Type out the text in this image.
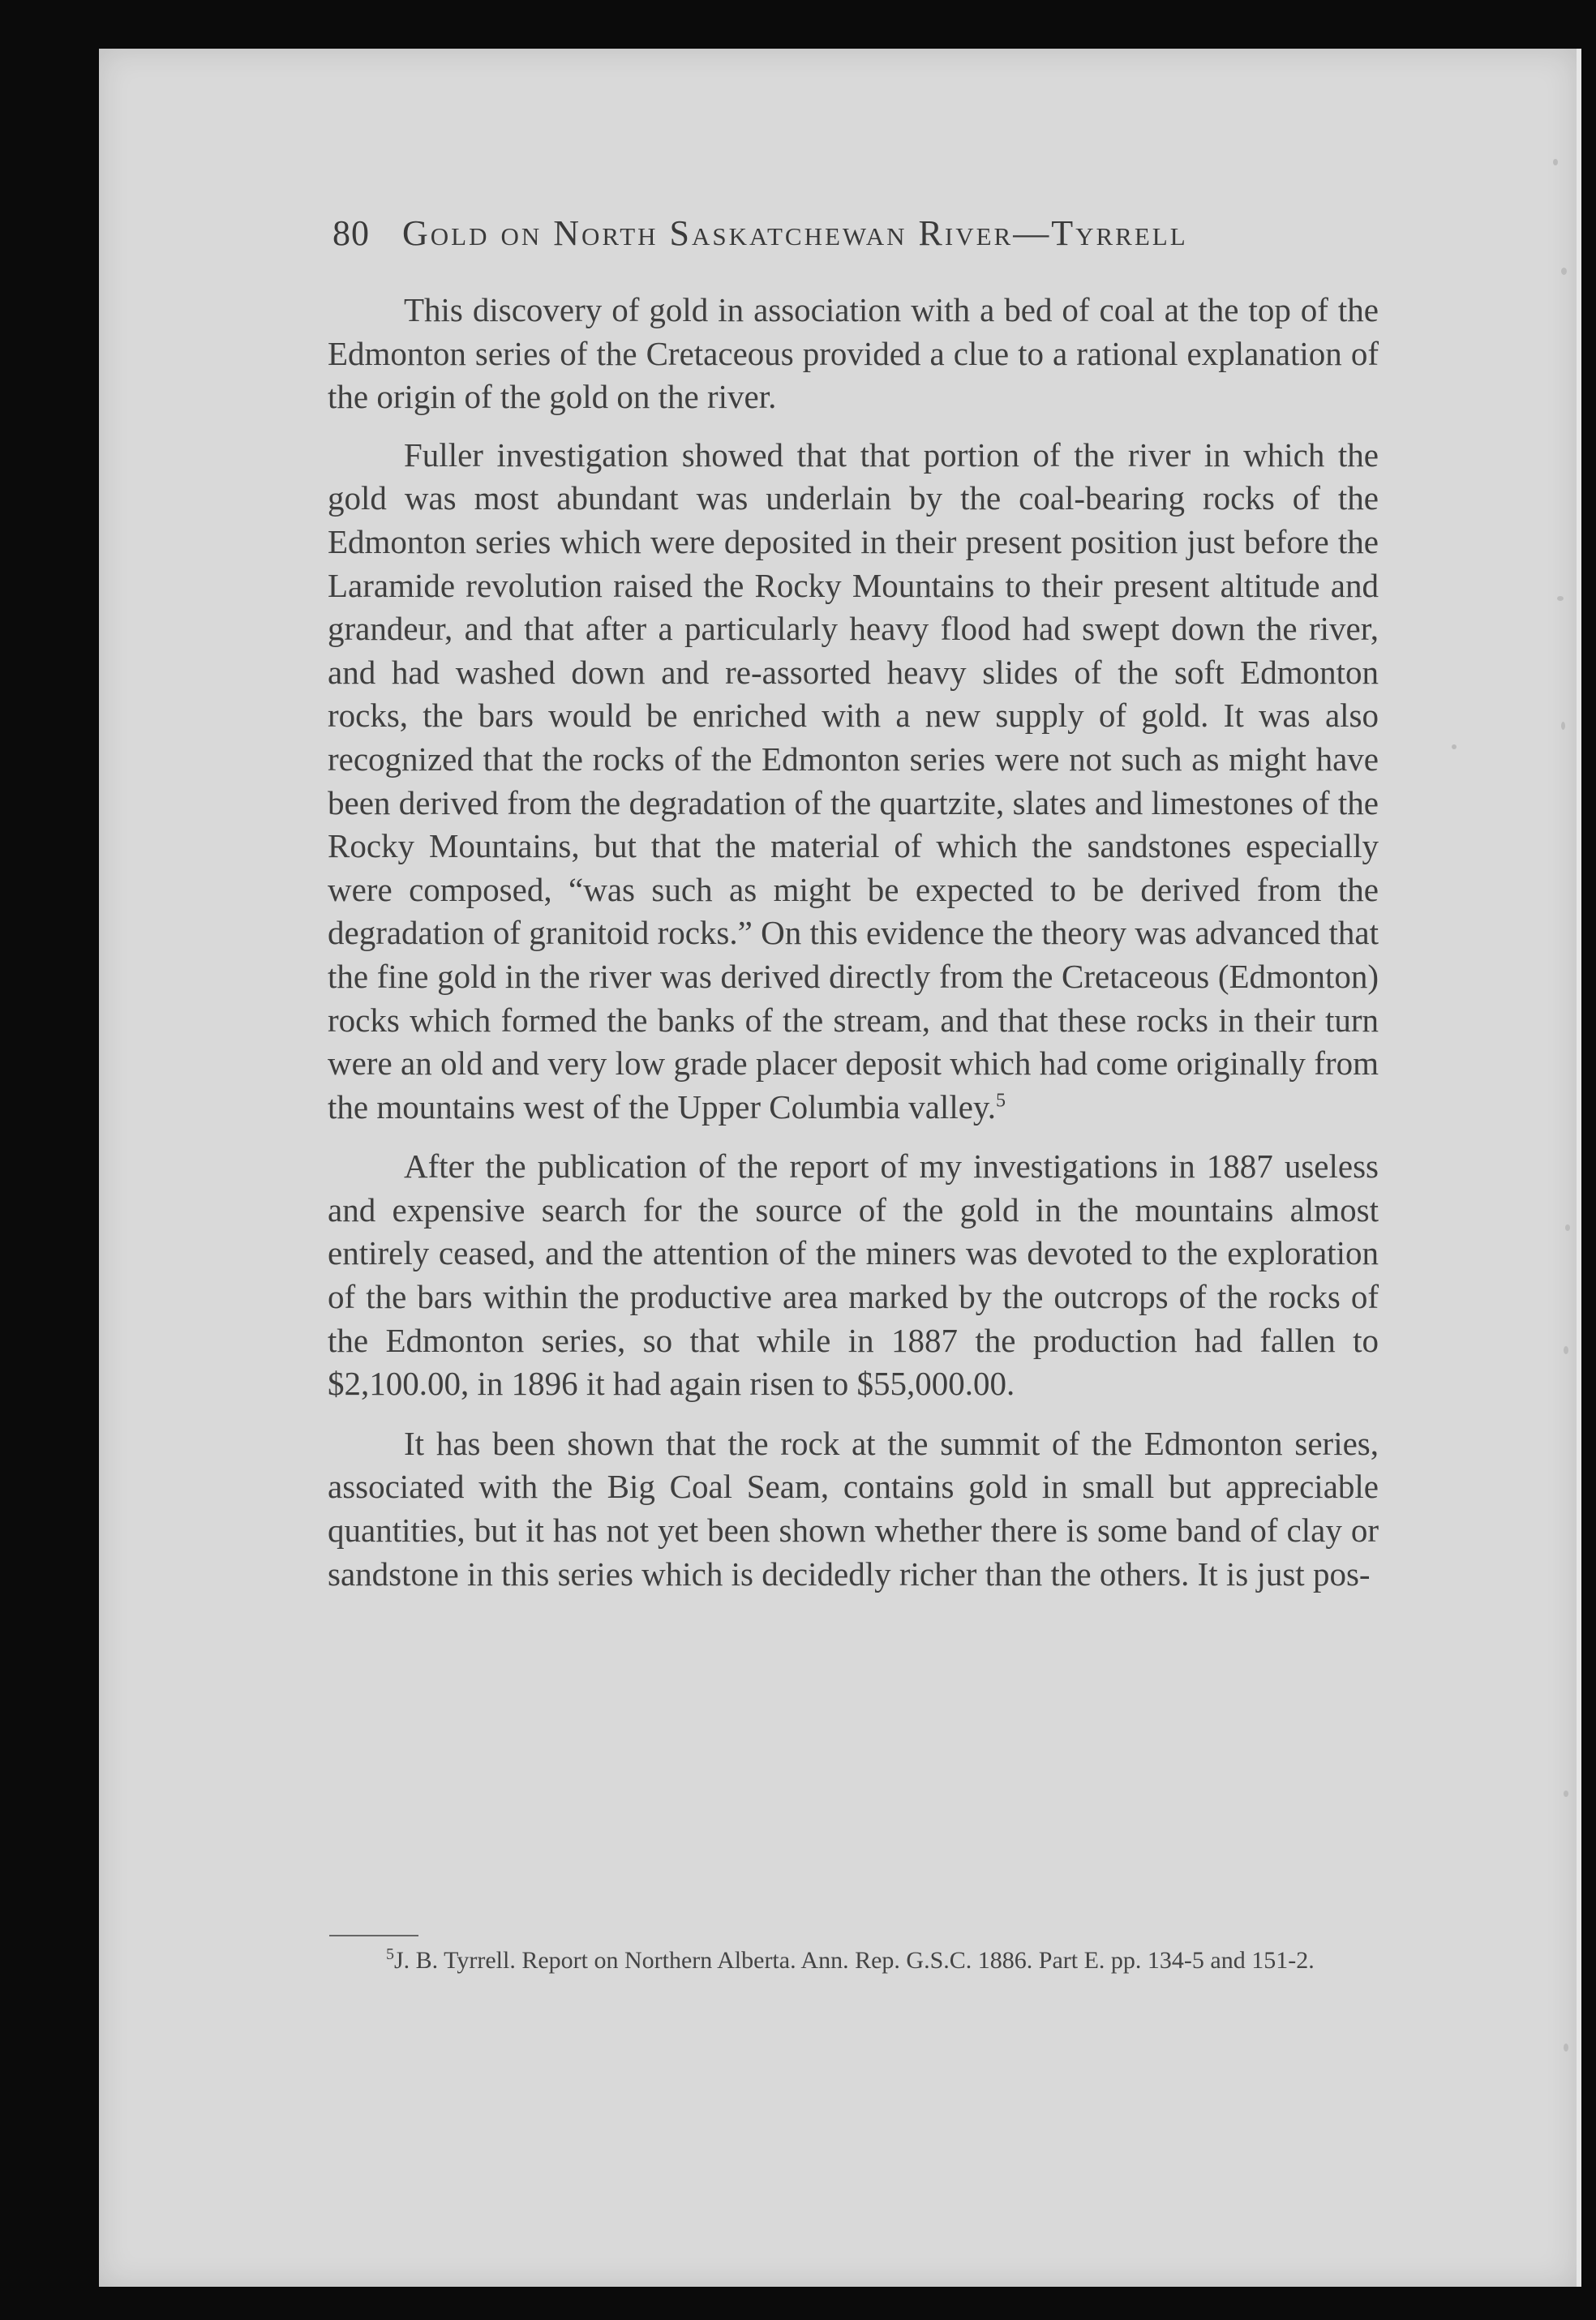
80 Gold on North Saskatchewan River—Tyrrell

This discovery of gold in association with a bed of coal at the top of the Edmonton series of the Cretaceous provided a clue to a rational explanation of the origin of the gold on the river.

Fuller investigation showed that that portion of the river in which the gold was most abundant was underlain by the coal-bearing rocks of the Edmonton series which were deposited in their present position just before the Laramide revolution raised the Rocky Mountains to their present altitude and grandeur, and that after a particularly heavy flood had swept down the river, and had washed down and re-assorted heavy slides of the soft Edmonton rocks, the bars would be enriched with a new supply of gold. It was also recognized that the rocks of the Edmonton series were not such as might have been derived from the degradation of the quartzite, slates and limestones of the Rocky Mountains, but that the material of which the sandstones especially were composed, “was such as might be expected to be derived from the degradation of granitoid rocks.” On this evidence the theory was advanced that the fine gold in the river was derived directly from the Cretaceous (Edmonton) rocks which formed the banks of the stream, and that these rocks in their turn were an old and very low grade placer deposit which had come originally from the mountains west of the Upper Columbia valley.$^5$

After the publication of the report of my investigations in 1887 useless and expensive search for the source of the gold in the mountains almost entirely ceased, and the attention of the miners was devoted to the exploration of the bars within the productive area marked by the outcrops of the rocks of the Edmonton series, so that while in 1887 the production had fallen to $2,100.00, in 1896 it had again risen to $55,000.00.

It has been shown that the rock at the summit of the Edmonton series, associated with the Big Coal Seam, contains gold in small but appreciable quantities, but it has not yet been shown whether there is some band of clay or sandstone in this series which is decidedly richer than the others. It is just pos-

$^5$J. B. Tyrrell. Report on Northern Alberta. Ann. Rep. G.S.C. 1886. Part E. pp. 134-5 and 151-2.
